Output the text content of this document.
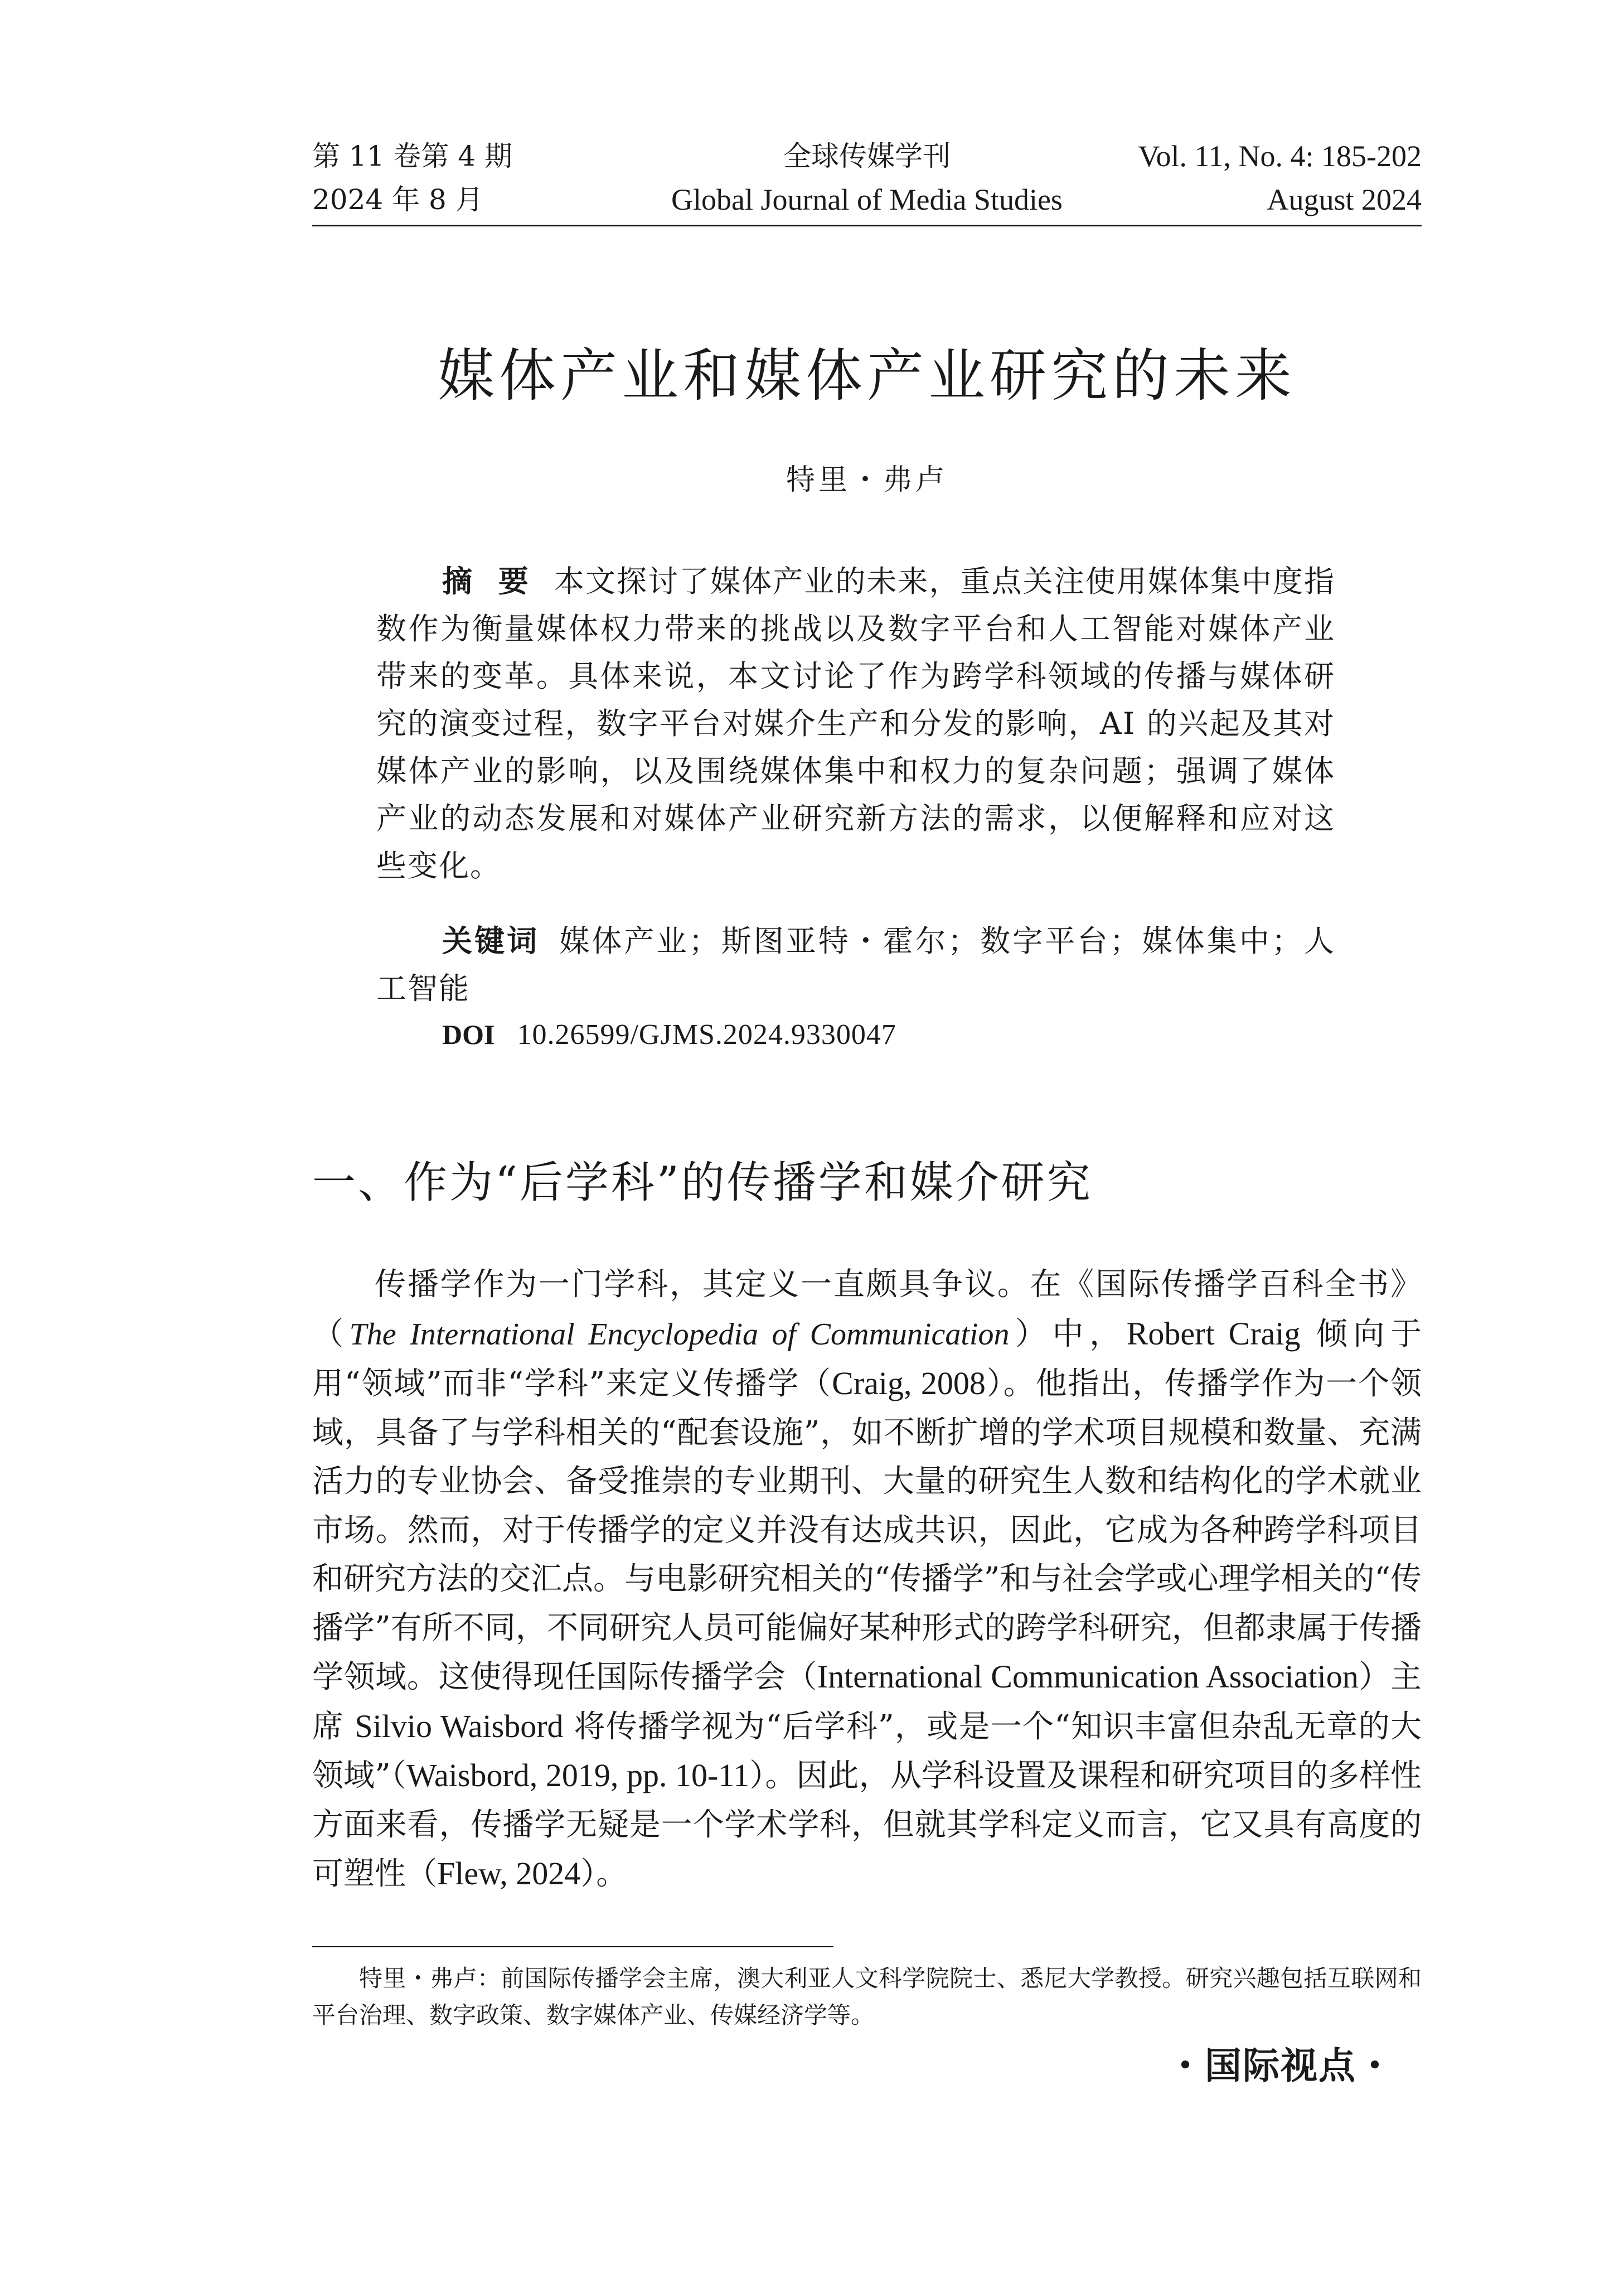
第 11 卷第 4 期	全球传媒学刊	Vol. 11, No. 4: 185-202
2024 年 8 月	Global Journal of Media Studies	August 2024
媒体产业和媒体产业研究的未来
特里・弗卢

摘 要 本文探讨了媒体产业的未来，重点关注使用媒体集中度指数作为衡量媒体权力带来的挑战以及数字平台和人工智能对媒体产业带来的变革。具体来说，本文讨论了作为跨学科领域的传播与媒体研究的演变过程，数字平台对媒介生产和分发的影响，AI 的兴起及其对媒体产业的影响，以及围绕媒体集中和权力的复杂问题；强调了媒体产业的动态发展和对媒体产业研究新方法的需求，以便解释和应对这些变化。

关键词 媒体产业；斯图亚特・霍尔；数字平台；媒体集中；人工智能

DOI 10.26599/GJMS.2024.9330047
一、作为“后学科”的传播学和媒介研究

传播学作为一门学科，其定义一直颇具争议。在《国际传播学百科全书》（The International Encyclopedia of Communication）中，Robert Craig 倾向于用“领域”而非“学科”来定义传播学（Craig, 2008）。他指出，传播学作为一个领域，具备了与学科相关的“配套设施”，如不断扩增的学术项目规模和数量、充满活力的专业协会、备受推崇的专业期刊、大量的研究生人数和结构化的学术就业市场。然而，对于传播学的定义并没有达成共识，因此，它成为各种跨学科项目和研究方法的交汇点。与电影研究相关的“传播学”和与社会学或心理学相关的“传播学”有所不同，不同研究人员可能偏好某种形式的跨学科研究，但都隶属于传播学领域。这使得现任国际传播学会（International Communication Association）主席 Silvio Waisbord 将传播学视为“后学科”，或是一个“知识丰富但杂乱无章的大领域”（Waisbord, 2019, pp. 10-11）。因此，从学科设置及课程和研究项目的多样性方面来看，传播学无疑是一个学术学科，但就其学科定义而言，它又具有高度的可塑性（Flew, 2024）。

特里・弗卢：前国际传播学会主席，澳大利亚人文科学院院士、悉尼大学教授。研究兴趣包括互联网和平台治理、数字政策、数字媒体产业、传媒经济学等。

・国际视点・
